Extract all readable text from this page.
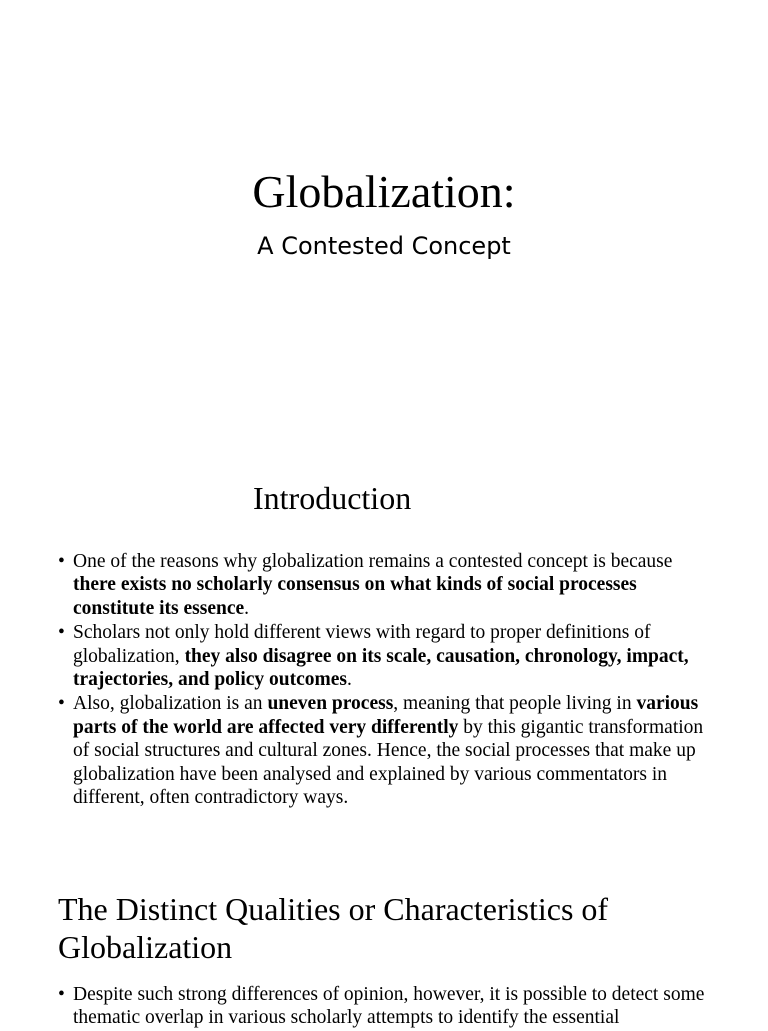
Globalization:
A Contested Concept
Introduction
• One of the reasons why globalization remains a contested concept is because there exists no scholarly consensus on what kinds of social processes constitute its essence.
• Scholars not only hold different views with regard to proper definitions of globalization, they also disagree on its scale, causation, chronology, impact, trajectories, and policy outcomes.
• Also, globalization is an uneven process, meaning that people living in various parts of the world are affected very differently by this gigantic transformation of social structures and cultural zones. Hence, the social processes that make up globalization have been analysed and explained by various commentators in different, often contradictory ways.
The Distinct Qualities or Characteristics of Globalization
• Despite such strong differences of opinion, however, it is possible to detect some thematic overlap in various scholarly attempts to identify the essential
